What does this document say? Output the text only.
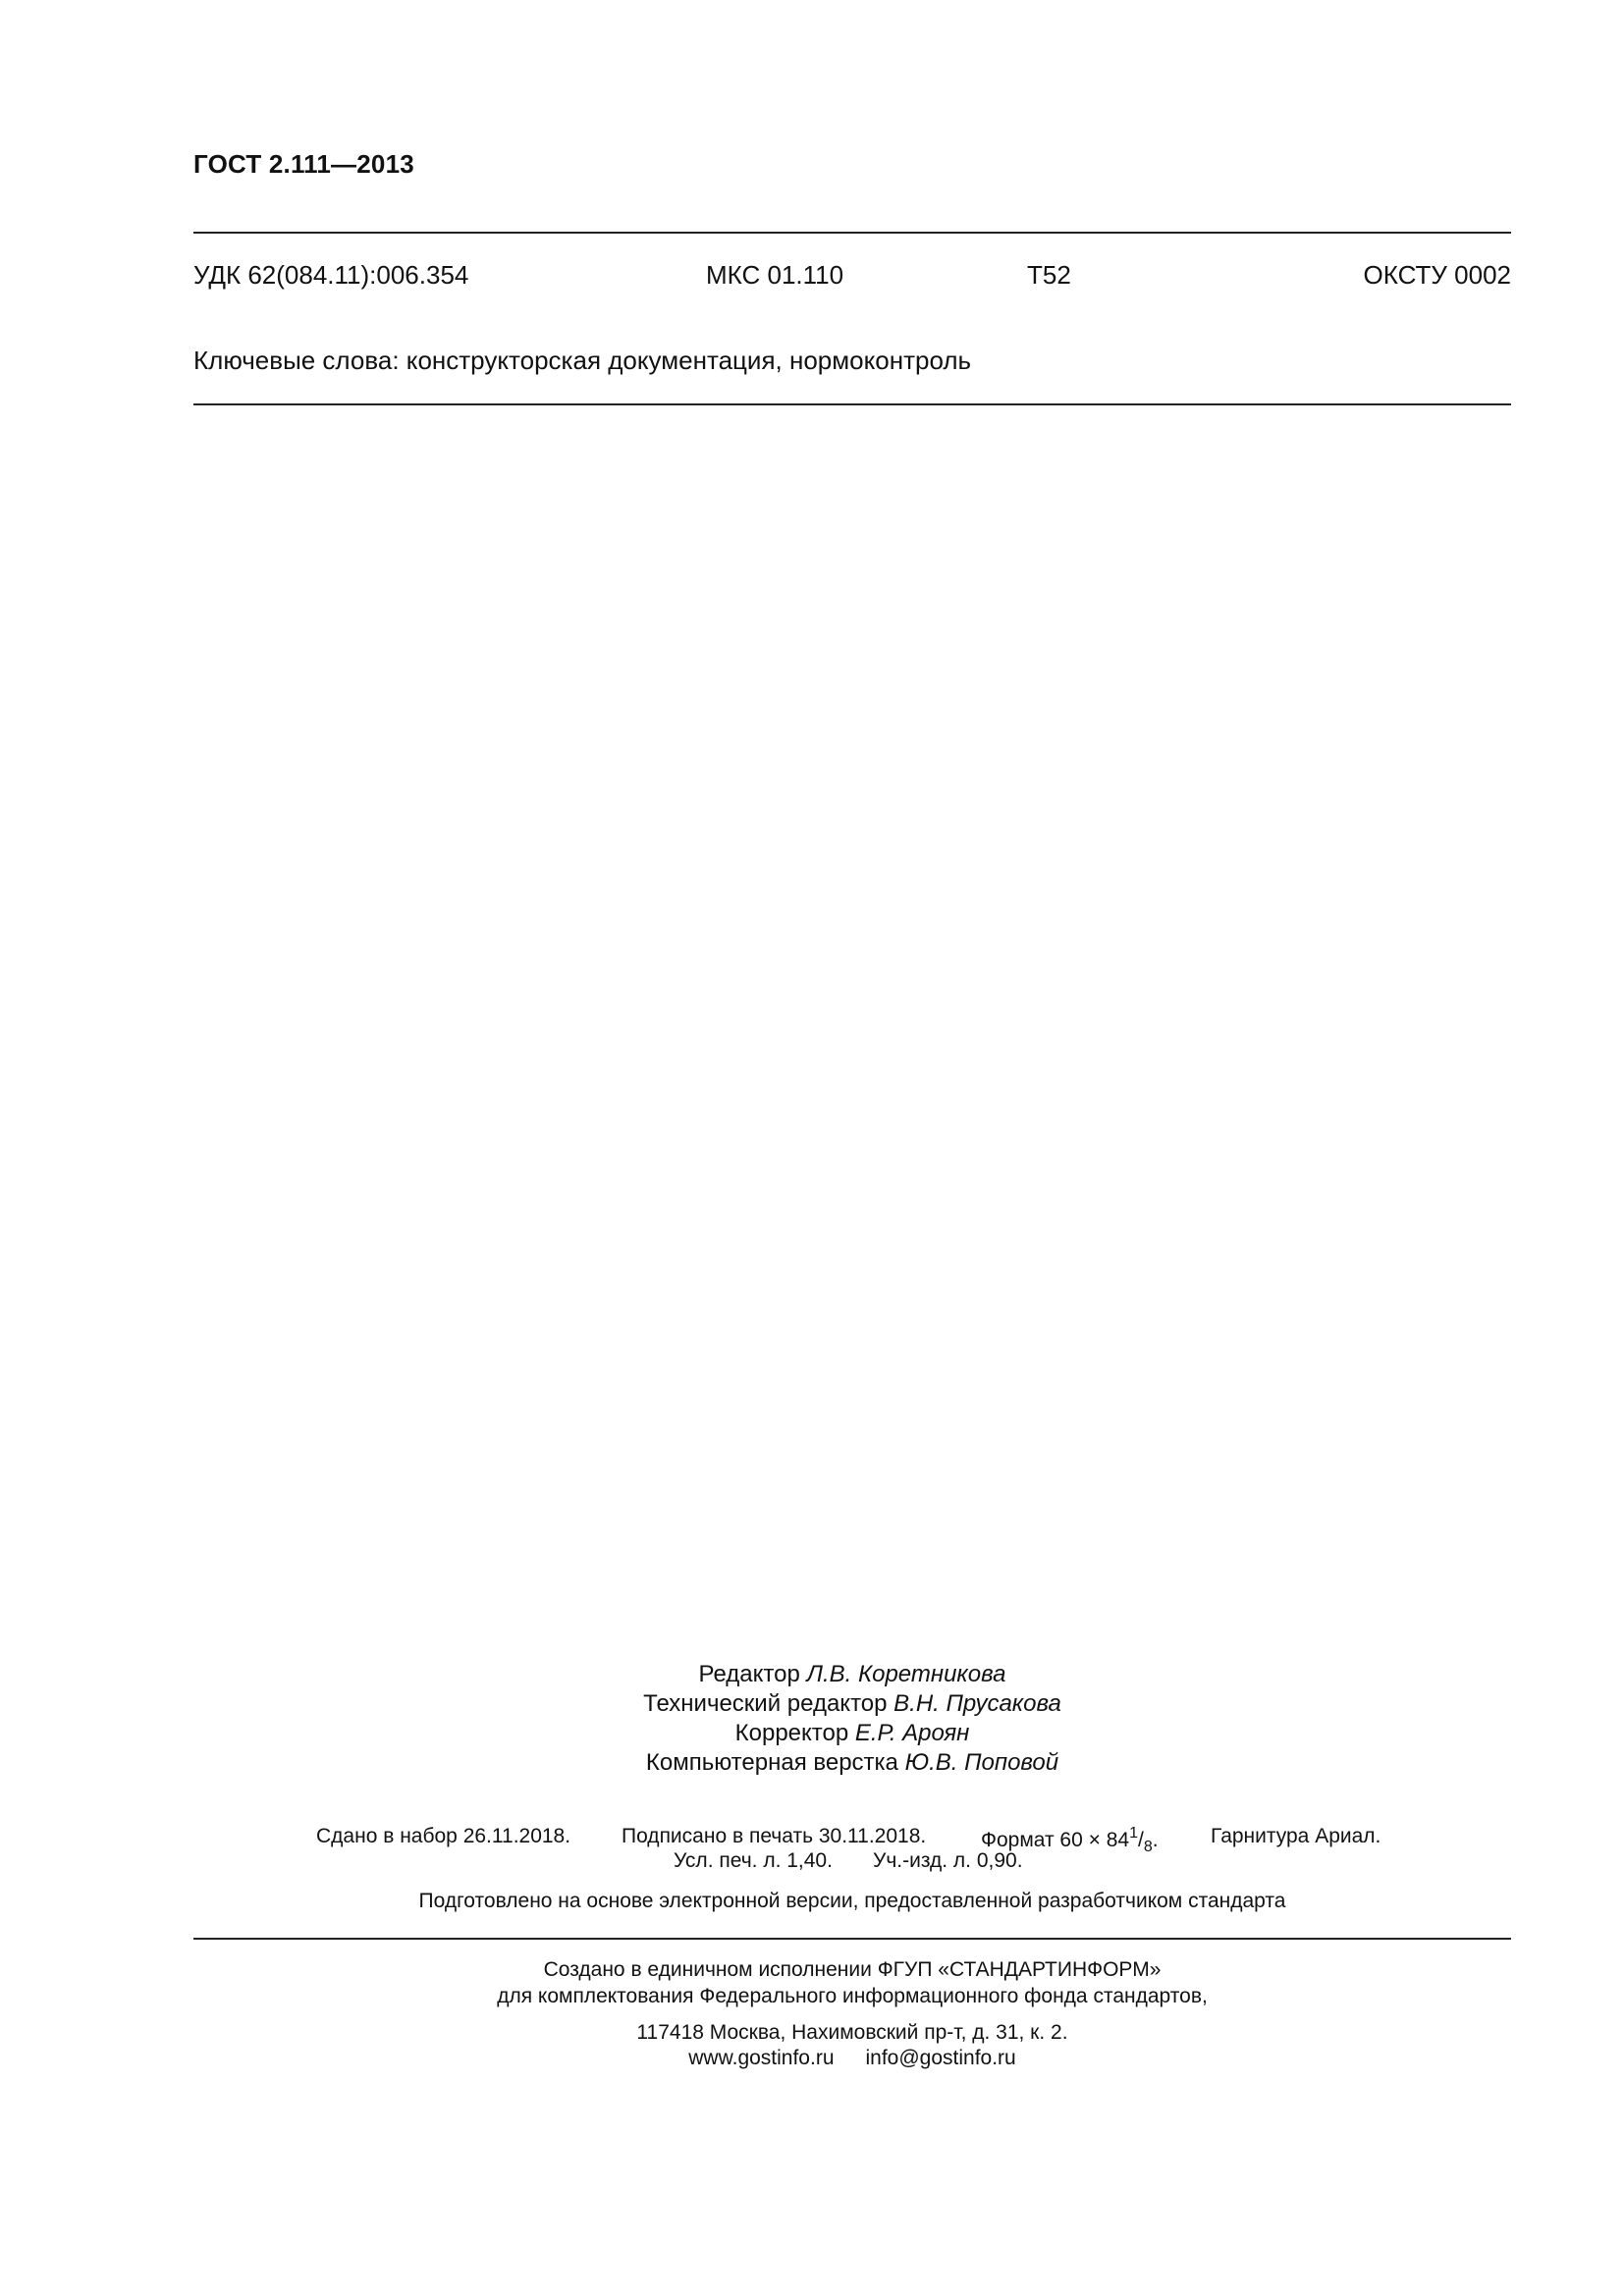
ГОСТ 2.111—2013
УДК 62(084.11):006.354	МКС 01.110	Т52	ОКСТУ 0002
Ключевые слова: конструкторская документация, нормоконтроль
Редактор Л.В. Коретникова
Технический редактор В.Н. Прусакова
Корректор Е.Р. Ароян
Компьютерная верстка Ю.В. Поповой
Сдано в набор 26.11.2018. Подписано в печать 30.11.2018.	Формат $60 \times 84^1/_8$.	Гарнитура Ариал.
Усл. печ. л. 1,40. Уч.-изд. л. 0,90.
Подготовлено на основе электронной версии, предоставленной разработчиком стандарта
Создано в единичном исполнении ФГУП «СТАНДАРТИНФОРМ»
для комплектования Федерального информационного фонда стандартов,
117418 Москва, Нахимовский пр-т, д. 31, к. 2.
www.gostinfo.ru info@gostinfo.ru
